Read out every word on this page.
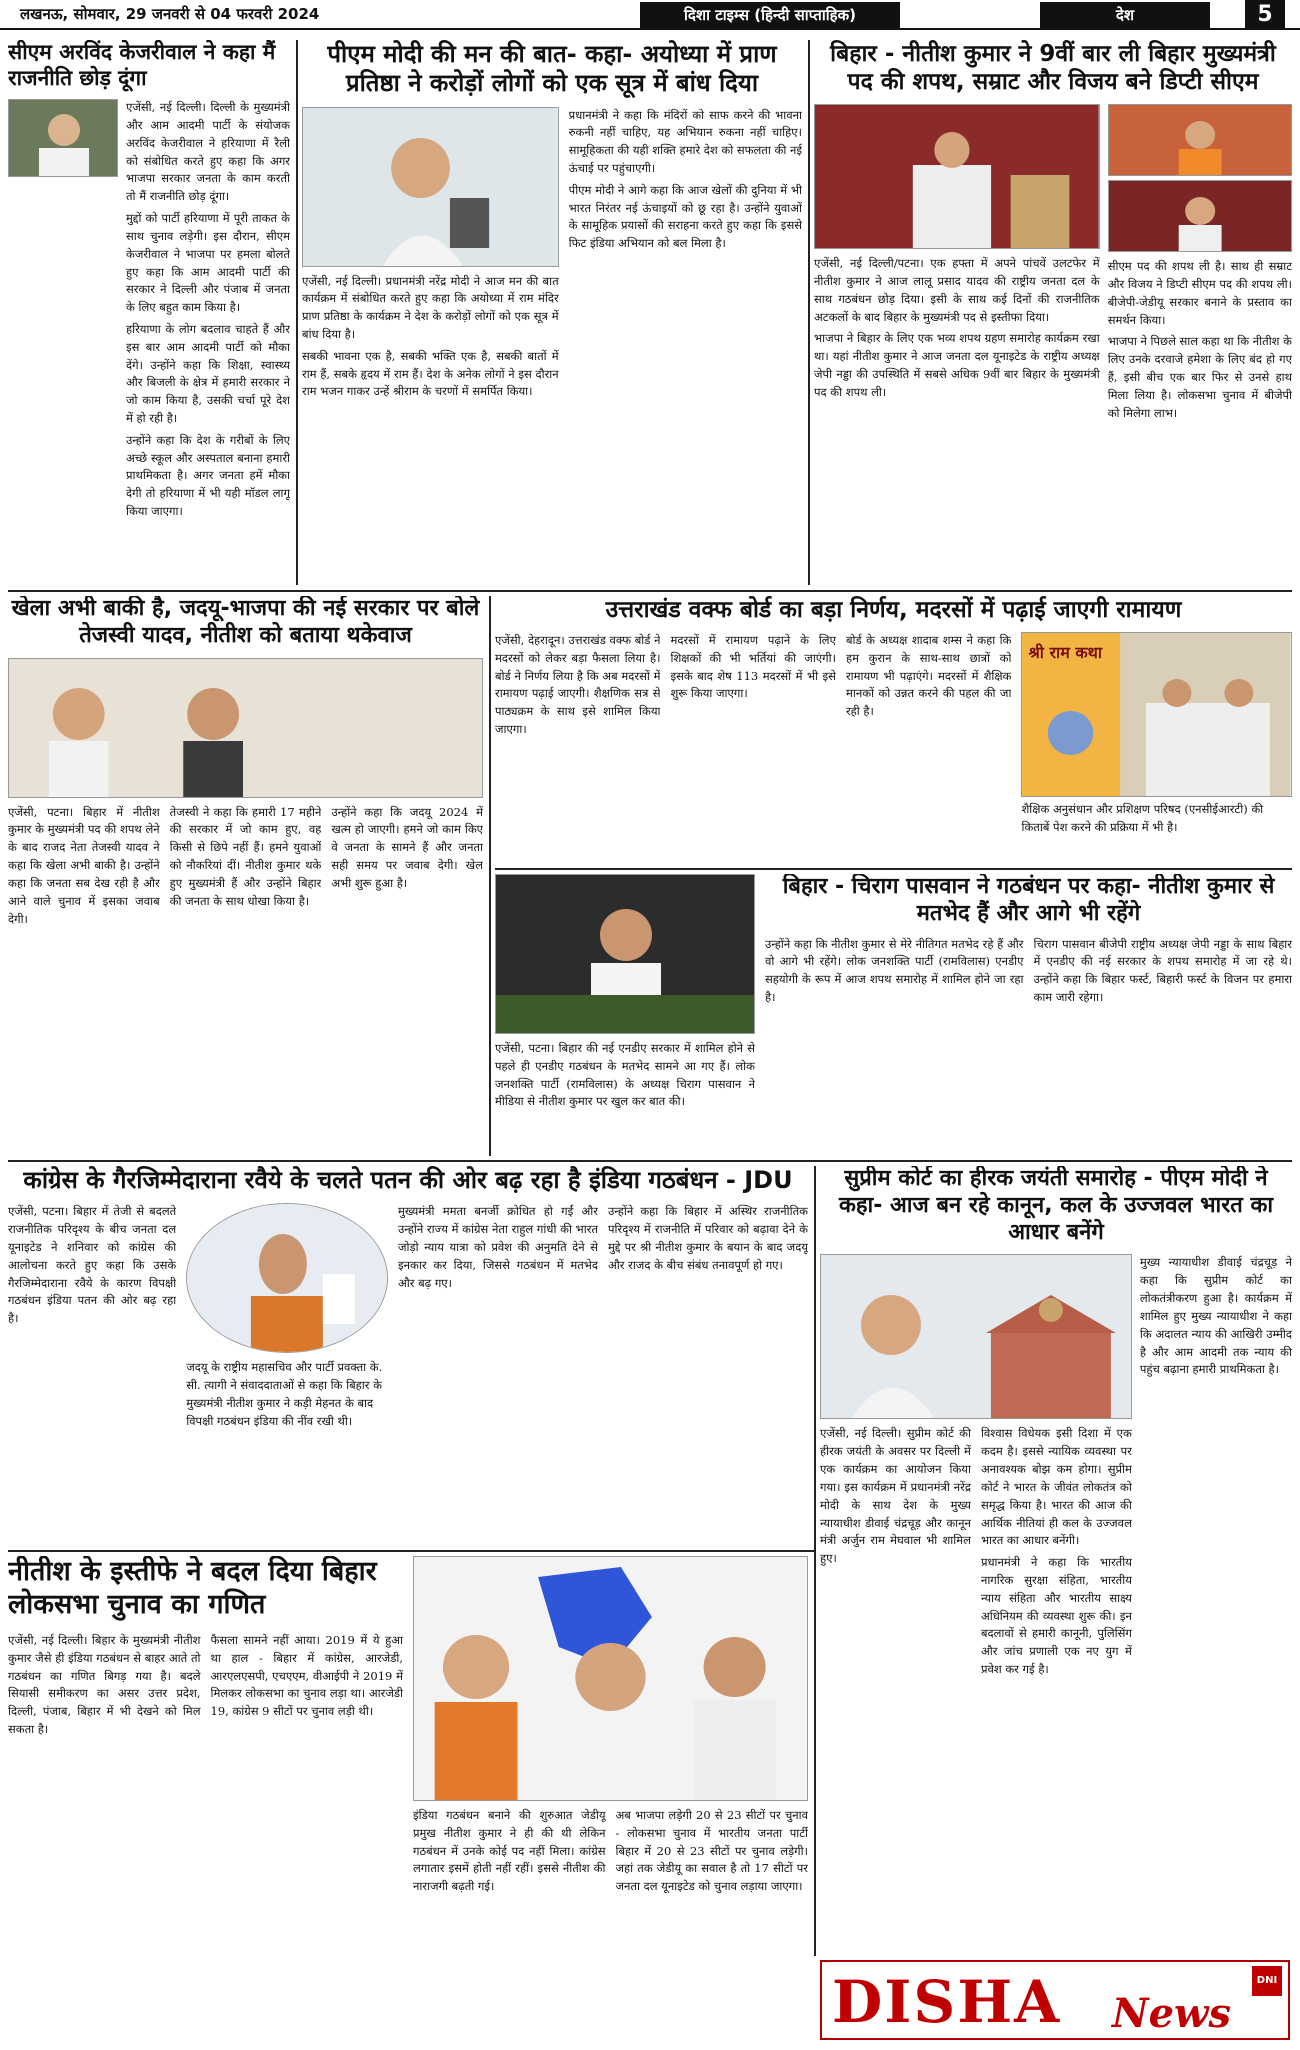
लखनऊ, सोमवार, 29 जनवरी से 04 फरवरी 2024	दिशा टाइम्स (हिन्दी साप्ताहिक)	देश	5
सीएम अरविंद केजरीवाल ने कहा मैं राजनीति छोड़ दूंगा

एजेंसी, नई दिल्ली। दिल्ली के मुख्यमंत्री और आम आदमी पार्टी के संयोजक अरविंद केजरीवाल ने हरियाणा में रैली को संबोधित करते हुए कहा कि अगर भाजपा सरकार जनता के काम करती तो मैं राजनीति छोड़ दूंगा।

मुद्दों को पार्टी हरियाणा में पूरी ताकत के साथ चुनाव लड़ेगी। इस दौरान, सीएम केजरीवाल ने भाजपा पर हमला बोलते हुए कहा कि आम आदमी पार्टी की सरकार ने दिल्ली और पंजाब में जनता के लिए बहुत काम किया है।

हरियाणा के लोग बदलाव चाहते हैं और इस बार आम आदमी पार्टी को मौका देंगे। उन्होंने कहा कि शिक्षा, स्वास्थ्य और बिजली के क्षेत्र में हमारी सरकार ने जो काम किया है, उसकी चर्चा पूरे देश में हो रही है।

उन्होंने कहा कि देश के गरीबों के लिए अच्छे स्कूल और अस्पताल बनाना हमारी प्राथमिकता है। अगर जनता हमें मौका देगी तो हरियाणा में भी यही मॉडल लागू किया जाएगा।

पीएम मोदी की मन की बात- कहा- अयोध्या में प्राण प्रतिष्ठा ने करोड़ों लोगों को एक सूत्र में बांध दिया

एजेंसी, नई दिल्ली। प्रधानमंत्री नरेंद्र मोदी ने आज मन की बात कार्यक्रम में संबोधित करते हुए कहा कि अयोध्या में राम मंदिर प्राण प्रतिष्ठा के कार्यक्रम ने देश के करोड़ों लोगों को एक सूत्र में बांध दिया है।

सबकी भावना एक है, सबकी भक्ति एक है, सबकी बातों में राम हैं, सबके हृदय में राम हैं। देश के अनेक लोगों ने इस दौरान राम भजन गाकर उन्हें श्रीराम के चरणों में समर्पित किया।

प्रधानमंत्री ने कहा कि मंदिरों को साफ करने की भावना रुकनी नहीं चाहिए, यह अभियान रुकना नहीं चाहिए। सामूहिकता की यही शक्ति हमारे देश को सफलता की नई ऊंचाई पर पहुंचाएगी।

पीएम मोदी ने आगे कहा कि आज खेलों की दुनिया में भी भारत निरंतर नई ऊंचाइयों को छू रहा है। उन्होंने युवाओं के सामूहिक प्रयासों की सराहना करते हुए कहा कि इससे फिट इंडिया अभियान को बल मिला है।

बिहार - नीतीश कुमार ने 9वीं बार ली बिहार मुख्यमंत्री पद की शपथ, सम्राट और विजय बने डिप्टी सीएम

एजेंसी, नई दिल्ली/पटना। एक हफ्ता में अपने पांचवें उलटफेर में नीतीश कुमार ने आज लालू प्रसाद यादव की राष्ट्रीय जनता दल के साथ गठबंधन छोड़ दिया। इसी के साथ कई दिनों की राजनीतिक अटकलों के बाद बिहार के मुख्यमंत्री पद से इस्तीफा दिया।

भाजपा ने बिहार के लिए एक भव्य शपथ ग्रहण समारोह कार्यक्रम रखा था। यहां नीतीश कुमार ने आज जनता दल यूनाइटेड के राष्ट्रीय अध्यक्ष जेपी नड्डा की उपस्थिति में सबसे अधिक 9वीं बार बिहार के मुख्यमंत्री पद की शपथ ली।

सीएम पद की शपथ ली है। साथ ही सम्राट और विजय ने डिप्टी सीएम पद की शपथ ली। बीजेपी-जेडीयू सरकार बनाने के प्रस्ताव का समर्थन किया।

भाजपा ने पिछले साल कहा था कि नीतीश के लिए उनके दरवाजे हमेशा के लिए बंद हो गए हैं, इसी बीच एक बार फिर से उनसे हाथ मिला लिया है। लोकसभा चुनाव में बीजेपी को मिलेगा लाभ।

खेला अभी बाकी है, जदयू-भाजपा की नई सरकार पर बोले तेजस्वी यादव, नीतीश को बताया थकेवाज

एजेंसी, पटना। बिहार में नीतीश कुमार के मुख्यमंत्री पद की शपथ लेने के बाद राजद नेता तेजस्वी यादव ने कहा कि खेला अभी बाकी है। उन्होंने कहा कि जनता सब देख रही है और आने वाले चुनाव में इसका जवाब देगी।

तेजस्वी ने कहा कि हमारी 17 महीने की सरकार में जो काम हुए, वह किसी से छिपे नहीं हैं। हमने युवाओं को नौकरियां दीं। नीतीश कुमार थके हुए मुख्यमंत्री हैं और उन्होंने बिहार की जनता के साथ धोखा किया है।

उन्होंने कहा कि जदयू 2024 में खत्म हो जाएगी। हमने जो काम किए वे जनता के सामने हैं और जनता सही समय पर जवाब देगी। खेल अभी शुरू हुआ है।

उत्तराखंड वक्फ बोर्ड का बड़ा निर्णय, मदरसों में पढ़ाई जाएगी रामायण

एजेंसी, देहरादून। उत्तराखंड वक्फ बोर्ड ने मदरसों को लेकर बड़ा फैसला लिया है। बोर्ड ने निर्णय लिया है कि अब मदरसों में रामायण पढ़ाई जाएगी। शैक्षणिक सत्र से पाठ्यक्रम के साथ इसे शामिल किया जाएगा।

मदरसों में रामायण पढ़ाने के लिए शिक्षकों की भी भर्तियां की जाएंगी। इसके बाद शेष 113 मदरसों में भी इसे शुरू किया जाएगा।

बोर्ड के अध्यक्ष शादाब शम्स ने कहा कि हम कुरान के साथ-साथ छात्रों को रामायण भी पढ़ाएंगे। मदरसों में शैक्षिक मानकों को उन्नत करने की पहल की जा रही है।

श्री राम कथा

शैक्षिक अनुसंधान और प्रशिक्षण परिषद (एनसीईआरटी) की किताबें पेश करने की प्रक्रिया में भी है।

बिहार - चिराग पासवान ने गठबंधन पर कहा- नीतीश कुमार से मतभेद हैं और आगे भी रहेंगे

उन्होंने कहा कि नीतीश कुमार से मेरे नीतिगत मतभेद रहे हैं और वो आगे भी रहेंगे। लोक जनशक्ति पार्टी (रामविलास) एनडीए सहयोगी के रूप में आज शपथ समारोह में शामिल होने जा रहा है।

चिराग पासवान बीजेपी राष्ट्रीय अध्यक्ष जेपी नड्डा के साथ बिहार में एनडीए की नई सरकार के शपथ समारोह में जा रहे थे। उन्होंने कहा कि बिहार फर्स्ट, बिहारी फर्स्ट के विजन पर हमारा काम जारी रहेगा।

एजेंसी, पटना। बिहार की नई एनडीए सरकार में शामिल होने से पहले ही एनडीए गठबंधन के मतभेद सामने आ गए हैं। लोक जनशक्ति पार्टी (रामविलास) के अध्यक्ष चिराग पासवान ने मीडिया से नीतीश कुमार पर खुल कर बात की।

कांग्रेस के गैरजिम्मेदाराना रवैये के चलते पतन की ओर बढ़ रहा है इंडिया गठबंधन - JDU

एजेंसी, पटना। बिहार में तेजी से बदलते राजनीतिक परिदृश्य के बीच जनता दल यूनाइटेड ने शनिवार को कांग्रेस की आलोचना करते हुए कहा कि उसके गैरजिम्मेदाराना रवैये के कारण विपक्षी गठबंधन इंडिया पतन की ओर बढ़ रहा है।

जदयू के राष्ट्रीय महासचिव और पार्टी प्रवक्ता के. सी. त्यागी ने संवाददाताओं से कहा कि बिहार के मुख्यमंत्री नीतीश कुमार ने कड़ी मेहनत के बाद विपक्षी गठबंधन इंडिया की नींव रखी थी।

मुख्यमंत्री ममता बनर्जी क्रोधित हो गईं और उन्होंने राज्य में कांग्रेस नेता राहुल गांधी की भारत जोड़ो न्याय यात्रा को प्रवेश की अनुमति देने से इनकार कर दिया, जिससे गठबंधन में मतभेद और बढ़ गए।

उन्होंने कहा कि बिहार में अस्थिर राजनीतिक परिदृश्य में राजनीति में परिवार को बढ़ावा देने के मुद्दे पर श्री नीतीश कुमार के बयान के बाद जदयू और राजद के बीच संबंध तनावपूर्ण हो गए।

सुप्रीम कोर्ट का हीरक जयंती समारोह - पीएम मोदी ने कहा- आज बन रहे कानून, कल के उज्जवल भारत का आधार बनेंगे

एजेंसी, नई दिल्ली। सुप्रीम कोर्ट की हीरक जयंती के अवसर पर दिल्ली में एक कार्यक्रम का आयोजन किया गया। इस कार्यक्रम में प्रधानमंत्री नरेंद्र मोदी के साथ देश के मुख्य न्यायाधीश डीवाई चंद्रचूड़ और कानून मंत्री अर्जुन राम मेघवाल भी शामिल हुए।

विश्वास विधेयक इसी दिशा में एक कदम है। इससे न्यायिक व्यवस्था पर अनावश्यक बोझ कम होगा। सुप्रीम कोर्ट ने भारत के जीवंत लोकतंत्र को समृद्ध किया है। भारत की आज की आर्थिक नीतियां ही कल के उज्जवल भारत का आधार बनेंगी।

प्रधानमंत्री ने कहा कि भारतीय नागरिक सुरक्षा संहिता, भारतीय न्याय संहिता और भारतीय साक्ष्य अधिनियम की व्यवस्था शुरू की। इन बदलावों से हमारी कानूनी, पुलिसिंग और जांच प्रणाली एक नए युग में प्रवेश कर गई है।

मुख्य न्यायाधीश डीवाई चंद्रचूड़ ने कहा कि सुप्रीम कोर्ट का लोकतंत्रीकरण हुआ है। कार्यक्रम में शामिल हुए मुख्य न्यायाधीश ने कहा कि अदालत न्याय की आखिरी उम्मीद है और आम आदमी तक न्याय की पहुंच बढ़ाना हमारी प्राथमिकता है।

नीतीश के इस्तीफे ने बदल दिया बिहार लोकसभा चुनाव का गणित

एजेंसी, नई दिल्ली। बिहार के मुख्यमंत्री नीतीश कुमार जैसे ही इंडिया गठबंधन से बाहर आते तो गठबंधन का गणित बिगड़ गया है। बदले सियासी समीकरण का असर उत्तर प्रदेश, दिल्ली, पंजाब, बिहार में भी देखने को मिल सकता है।

फैसला सामने नहीं आया। 2019 में ये हुआ था हाल - बिहार में कांग्रेस, आरजेडी, आरएलएसपी, एचएएम, वीआईपी ने 2019 में मिलकर लोकसभा का चुनाव लड़ा था। आरजेडी 19, कांग्रेस 9 सीटों पर चुनाव लड़ी थी।

इंडिया गठबंधन बनाने की शुरुआत जेडीयू प्रमुख नीतीश कुमार ने ही की थी लेकिन गठबंधन में उनके कोई पद नहीं मिला। कांग्रेस लगातार इसमें होती नहीं रहीं। इससे नीतीश की नाराजगी बढ़ती गई।

अब भाजपा लड़ेगी 20 से 23 सीटों पर चुनाव - लोकसभा चुनाव में भारतीय जनता पार्टी बिहार में 20 से 23 सीटों पर चुनाव लड़ेगी। जहां तक जेडीयू का सवाल है तो 17 सीटों पर जनता दल यूनाइटेड को चुनाव लड़ाया जाएगा।

DISHA News
DNI
